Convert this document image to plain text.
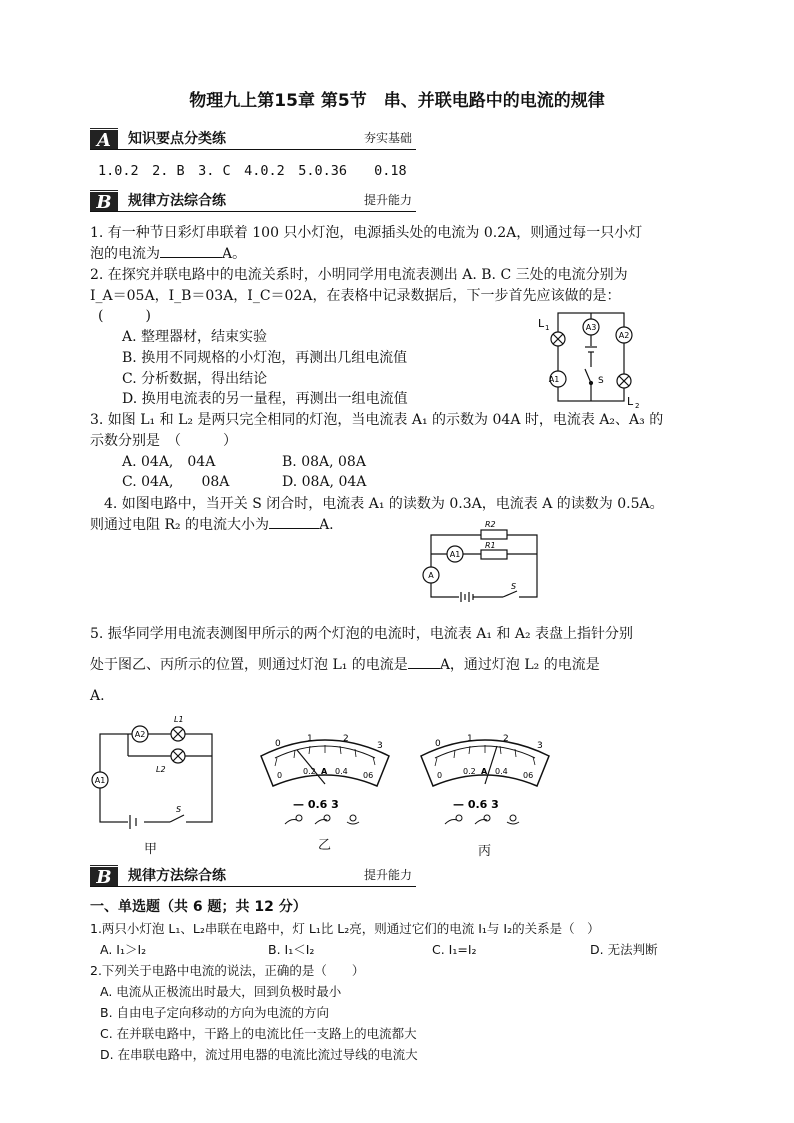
物理九上第15章 第5节　串、并联电路中的电流的规律
A	知识要点分类练	夯实基础
1.0.2　2. B　3. C　4.0.2　5.0.36　　0.18
B	规律方法综合练	提升能力
1. 有一种节日彩灯串联着 100 只小灯泡，电源插头处的电流为 0.2A，则通过每一只小灯
泡的电流为	A。
2. 在探究并联电路中的电流关系时，小明同学用电流表测出 A. B. C 三处的电流分别为
I_A＝05A，I_B＝03A，I_C＝02A，在表格中记录数据后，下一步首先应该做的是：
(　　　)
A. 整理器材，结束实验
B. 换用不同规格的小灯泡，再测出几组电流值
C. 分析数据，得出结论
D. 换用电流表的另一量程，再测出一组电流值
A1
A3
A2
L 1
L 2
S
3. 如图 L₁ 和 L₂ 是两只完全相同的灯泡，当电流表 A₁ 的示数为 04A 时，电流表 A₂、A₃ 的
示数分别是　（　　　）
A. 04A,　04A	B. 08A, 08A
C. 04A,　　08A	D. 08A, 04A
4. 如图电路中，当开关 S 闭合时，电流表 A₁ 的读数为 0.3A，电流表 A 的读数为 0.5A。
则通过电阻 R₂ 的电流大小为	A.
A1
A
R2
R1
S
5. 振华同学用电流表测图甲所示的两个灯泡的电流时，电流表 A₁ 和 A₂ 表盘上指针分别
处于图乙、丙所示的位置，则通过灯泡 L₁ 的电流是 A，通过灯泡 L₂ 的电流是
A.
A2
A1
L1
L2
S
甲
0	1	2
3
0	0.2 A 0.4 06
— 0.6 3
乙
0	1	2
3
0	0.2 A 0.4 06
— 0.6 3
丙
B	规律方法综合练	提升能力
一、单选题（共 6 题；共 12 分）
1.两只小灯泡 L₁、L₂串联在电路中，灯 L₁比 L₂亮，则通过它们的电流 I₁与 I₂的关系是（　）
A. I₁＞I₂	B. I₁＜I₂	C. I₁=I₂	D. 无法判断
2.下列关于电路中电流的说法，正确的是（　　）
A. 电流从正极流出时最大，回到负极时最小
B. 自由电子定向移动的方向为电流的方向
C. 在并联电路中，干路上的电流比任一支路上的电流都大
D. 在串联电路中，流过用电器的电流比流过导线的电流大
